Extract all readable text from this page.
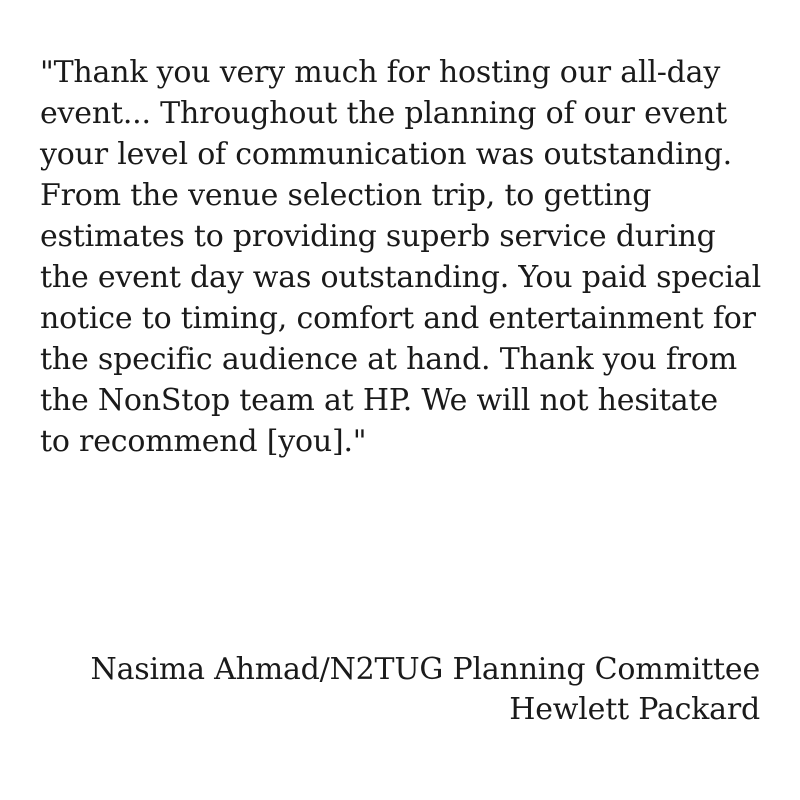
"Thank you very much for hosting our all-day
event... Throughout the planning of our event
your level of communication was outstanding.
From the venue selection trip, to getting
estimates to providing superb service during
the event day was outstanding. You paid special
notice to timing, comfort and entertainment for
the specific audience at hand. Thank you from
the NonStop team at HP. We will not hesitate
to recommend [you]."
Nasima Ahmad/N2TUG Planning Committee
Hewlett Packard
